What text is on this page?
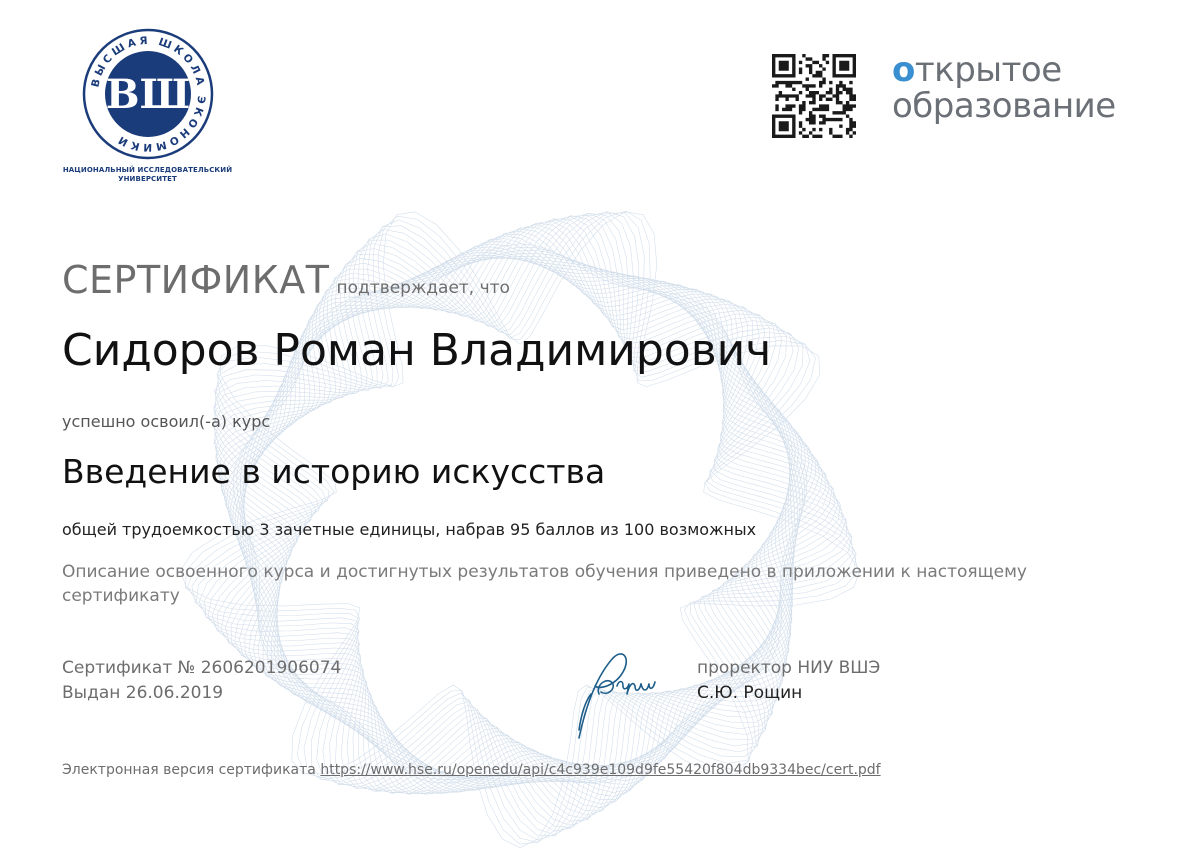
ВЫСШАЯ ШКОЛА ЭКОНОМИКИ
ВШ
НАЦИОНАЛЬНЫЙ ИССЛЕДОВАТЕЛЬСКИЙ
УНИВЕРСИТЕТ
открытое
образование
СЕРТИФИКАТ подтверждает, что
Сидоров Роман Владимирович
успешно освоил(-а) курс
Введение в историю искусства
общей трудоемкостью 3 зачетные единицы, набрав 95 баллов из 100 возможных
Описание освоенного курса и достигнутых результатов обучения приведено в приложении к настоящему сертификату
Сертификат № 2606201906074
Выдан 26.06.2019
проректор НИУ ВШЭ
С.Ю. Рощин
Электронная версия сертификата https://www.hse.ru/openedu/api/c4c939e109d9fe55420f804db9334bec/cert.pdf
